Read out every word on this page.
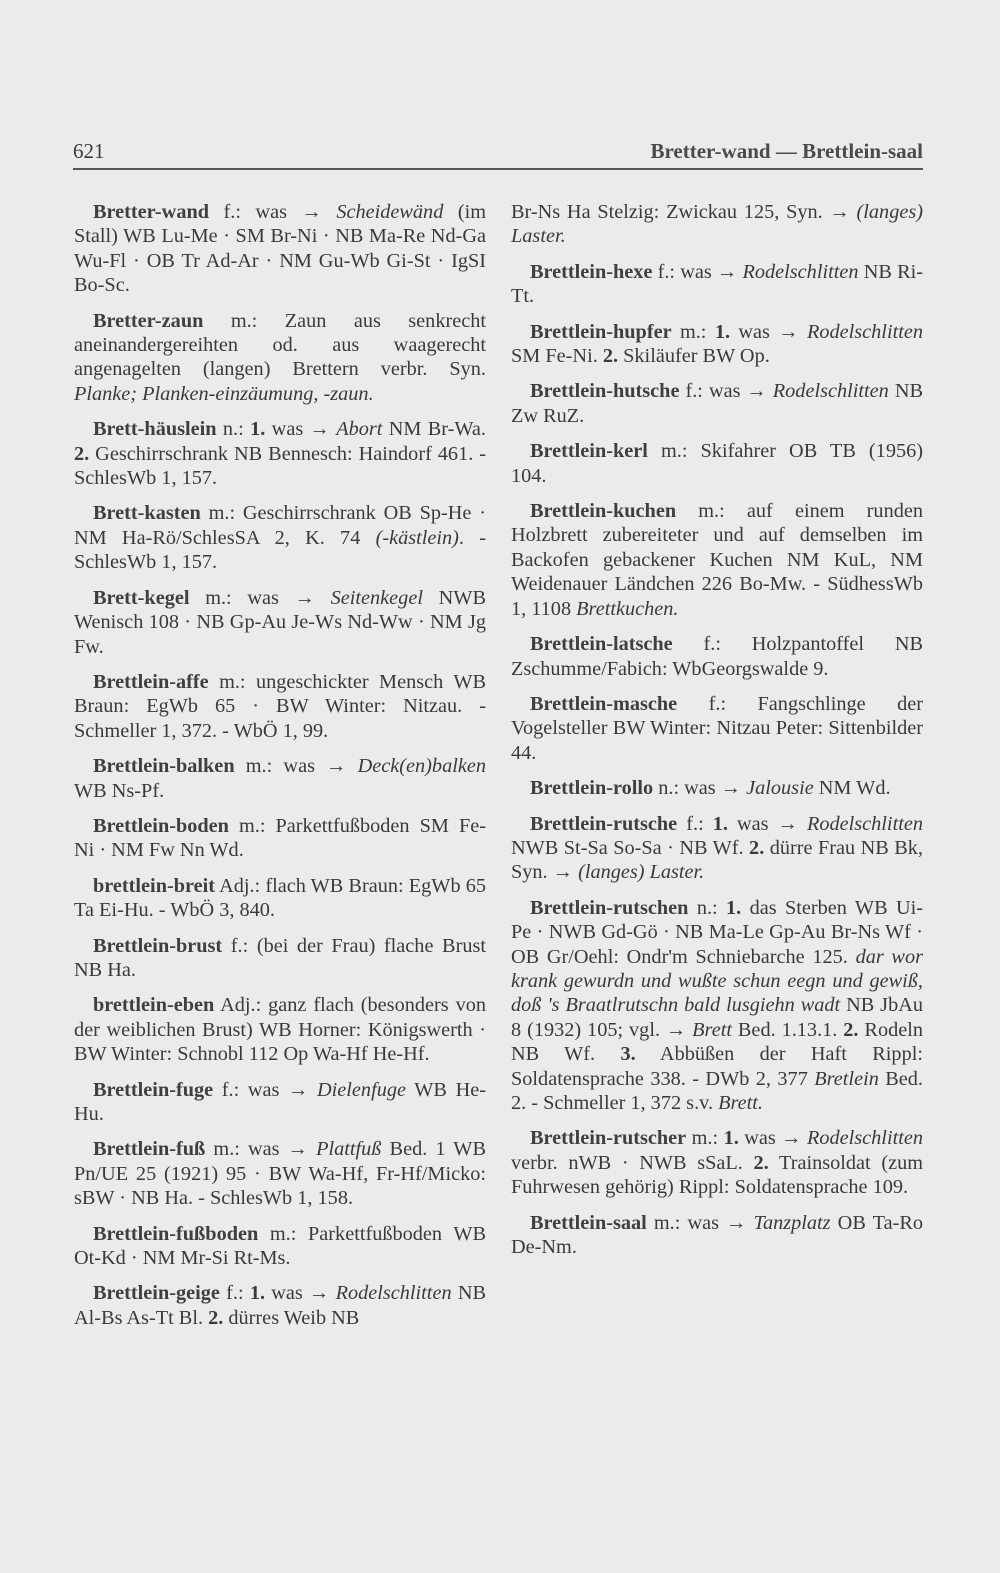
621	Bretter-wand — Brettlein-saal

Bretter-wand f.: was → Scheidewänd (im Stall) WB Lu-Me · SM Br-Ni · NB Ma-Re Nd-Ga Wu-Fl · OB Tr Ad-Ar · NM Gu-Wb Gi-St · IgSI Bo-Sc.

Bretter-zaun m.: Zaun aus senkrecht aneinandergereihten od. aus waagerecht angenagelten (langen) Brettern verbr. Syn. Planke; Planken-einzäumung, -zaun.

Brett-häuslein n.: 1. was → Abort NM Br-Wa. 2. Geschirrschrank NB Bennesch: Haindorf 461. - SchlesWb 1, 157.

Brett-kasten m.: Geschirrschrank OB Sp-He · NM Ha-Rö/SchlesSA 2, K. 74 (-kästlein). - SchlesWb 1, 157.

Brett-kegel m.: was → Seitenkegel NWB Wenisch 108 · NB Gp-Au Je-Ws Nd-Ww · NM Jg Fw.

Brettlein-affe m.: ungeschickter Mensch WB Braun: EgWb 65 · BW Winter: Nitzau. - Schmeller 1, 372. - WbÖ 1, 99.

Brettlein-balken m.: was → Deck(en)balken WB Ns-Pf.

Brettlein-boden m.: Parkettfußboden SM Fe-Ni · NM Fw Nn Wd.

brettlein-breit Adj.: flach WB Braun: EgWb 65 Ta Ei-Hu. - WbÖ 3, 840.

Brettlein-brust f.: (bei der Frau) flache Brust NB Ha.

brettlein-eben Adj.: ganz flach (besonders von der weiblichen Brust) WB Horner: Königswerth · BW Winter: Schnobl 112 Op Wa-Hf He-Hf.

Brettlein-fuge f.: was → Dielenfuge WB He-Hu.

Brettlein-fuß m.: was → Plattfuß Bed. 1 WB Pn/UE 25 (1921) 95 · BW Wa-Hf, Fr-Hf/Micko: sBW · NB Ha. - SchlesWb 1, 158.

Brettlein-fußboden m.: Parkettfußboden WB Ot-Kd · NM Mr-Si Rt-Ms.

Brettlein-geige f.: 1. was → Rodelschlitten NB Al-Bs As-Tt Bl. 2. dürres Weib NB

Br-Ns Ha Stelzig: Zwickau 125, Syn. → (langes) Laster.

Brettlein-hexe f.: was → Rodelschlitten NB Ri-Tt.

Brettlein-hupfer m.: 1. was → Rodelschlitten SM Fe-Ni. 2. Skiläufer BW Op.

Brettlein-hutsche f.: was → Rodelschlitten NB Zw RuZ.

Brettlein-kerl m.: Skifahrer OB TB (1956) 104.

Brettlein-kuchen m.: auf einem runden Holzbrett zubereiteter und auf demselben im Backofen gebackener Kuchen NM KuL, NM Weidenauer Ländchen 226 Bo-Mw. - SüdhessWb 1, 1108 Brettkuchen.

Brettlein-latsche f.: Holzpantoffel NB Zschumme/Fabich: WbGeorgswalde 9.

Brettlein-masche f.: Fangschlinge der Vogelsteller BW Winter: Nitzau Peter: Sittenbilder 44.

Brettlein-rollo n.: was → Jalousie NM Wd.

Brettlein-rutsche f.: 1. was → Rodelschlitten NWB St-Sa So-Sa · NB Wf. 2. dürre Frau NB Bk, Syn. → (langes) Laster.

Brettlein-rutschen n.: 1. das Sterben WB Ui-Pe · NWB Gd-Gö · NB Ma-Le Gp-Au Br-Ns Wf · OB Gr/Oehl: Ondr'm Schniebarche 125. dar wor krank gewurdn und wußte schun eegn und gewiß, doß 's Braatlrutschn bald lusgiehn wadt NB JbAu 8 (1932) 105; vgl. → Brett Bed. 1.13.1. 2. Rodeln NB Wf. 3. Abbüßen der Haft Rippl: Soldatensprache 338. - DWb 2, 377 Bretlein Bed. 2. - Schmeller 1, 372 s.v. Brett.

Brettlein-rutscher m.: 1. was → Rodelschlitten verbr. nWB · NWB sSaL. 2. Trainsoldat (zum Fuhrwesen gehörig) Rippl: Soldatensprache 109.

Brettlein-saal m.: was → Tanzplatz OB Ta-Ro De-Nm.
